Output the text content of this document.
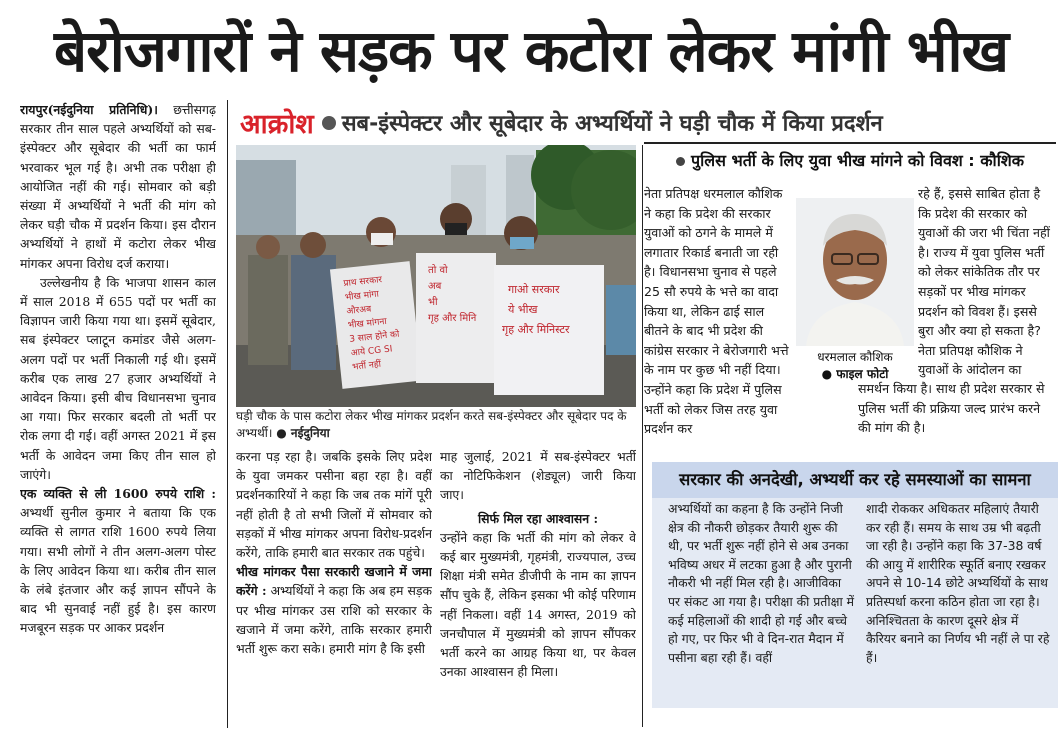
बेरोजगारों ने सड़क पर कटोरा लेकर मांगी भीख

रायपुर(नईदुनिया प्रतिनिधि)। छत्तीसगढ़ सरकार तीन साल पहले अभ्यर्थियों को सब-इंस्पेक्टर और सूबेदार की भर्ती का फार्म भरवाकर भूल गई है। अभी तक परीक्षा ही आयोजित नहीं की गई। सोमवार को बड़ी संख्या में अभ्यर्थियों ने भर्ती की मांग को लेकर घड़ी चौक में प्रदर्शन किया। इस दौरान अभ्यर्थियों ने हाथों में कटोरा लेकर भीख मांगकर अपना विरोध दर्ज कराया।

उल्लेखनीय है कि भाजपा शासन काल में साल 2018 में 655 पदों पर भर्ती का विज्ञापन जारी किया गया था। इसमें सूबेदार, सब इंस्पेक्टर प्लाटून कमांडर जैसे अलग-अलग पदों पर भर्ती निकाली गई थी। इसमें करीब एक लाख 27 हजार अभ्यर्थियों ने आवेदन किया। इसी बीच विधानसभा चुनाव आ गया। फिर सरकार बदली तो भर्ती पर रोक लगा दी गई। वहीं अगस्त 2021 में इस भर्ती के आवेदन जमा किए तीन साल हो जाएंगे।

एक व्यक्ति से ली 1600 रुपये राशि : अभ्यर्थी सुनील कुमार ने बताया कि एक व्यक्ति से लागत राशि 1600 रुपये लिया गया। सभी लोगों ने तीन अलग-अलग पोस्ट के लिए आवेदन किया था। करीब तीन साल के लंबे इंतजार और कई ज्ञापन सौंपने के बाद भी सुनवाई नहीं हुई है। इस कारण मजबूरन सड़क पर आकर प्रदर्शन

आक्रोश सब-इंस्पेक्टर और सूबेदार के अभ्यर्थियों ने घड़ी चौक में किया प्रदर्शन
प्राथ सरकार भीख मांगा औरअब भीख मांगना 3 साल होने को आये CG SI भर्ती नहीं
तो वो अब भी गृह और मिनि
गाओ सरकार ये भीख गृह और मिनिस्टर
घड़ी चौक के पास कटोरा लेकर भीख मांगकर प्रदर्शन करते सब-इंस्पेक्टर और सूबेदार पद के अभ्यर्थी। ● नईदुनिया

करना पड़ रहा है। जबकि इसके लिए प्रदेश के युवा जमकर पसीना बहा रहा है। वहीं प्रदर्शनकारियों ने कहा कि जब तक मांगें पूरी नहीं होती है तो सभी जिलों में सोमवार को सड़कों में भीख मांगकर अपना विरोध-प्रदर्शन करेंगे, ताकि हमारी बात सरकार तक पहुंचे।

भीख मांगकर पैसा सरकारी खजाने में जमा करेंगे : अभ्यर्थियों ने कहा कि अब हम सड़क पर भीख मांगकर उस राशि को सरकार के खजाने में जमा करेंगे, ताकि सरकार हमारी भर्ती शुरू करा सके। हमारी मांग है कि इसी

माह जुलाई, 2021 में सब-इंस्पेक्टर भर्ती का नोटिफिकेशन (शेड्यूल) जारी किया जाए।

सिर्फ मिल रहा आश्वासन :

उन्होंने कहा कि भर्ती की मांग को लेकर वे कई बार मुख्यमंत्री, गृहमंत्री, राज्यपाल, उच्च शिक्षा मंत्री समेत डीजीपी के नाम का ज्ञापन सौंप चुके हैं, लेकिन इसका भी कोई परिणाम नहीं निकला। वहीं 14 अगस्त, 2019 को जनचौपाल में मुख्यमंत्री को ज्ञापन सौंपकर भर्ती करने का आग्रह किया था, पर केवल उनका आश्वासन ही मिला।

पुलिस भर्ती के लिए युवा भीख मांगने को विवश : कौशिक
नेता प्रतिपक्ष धरमलाल कौशिक ने कहा कि प्रदेश की सरकार युवाओं को ठगने के मामले में लगातार रिकार्ड बनाती जा रही है। विधानसभा चुनाव से पहले 25 सौ रुपये के भत्ते का वादा किया था, लेकिन ढाई साल बीतने के बाद भी प्रदेश की कांग्रेस सरकार ने बेरोजगारी भत्ते के नाम पर कुछ भी नहीं दिया। उन्होंने कहा कि प्रदेश में पुलिस भर्ती को लेकर जिस तरह युवा प्रदर्शन कर
धरमलाल कौशिक
● फाइल फोटो
रहे हैं, इससे साबित होता है कि प्रदेश की सरकार को युवाओं की जरा भी चिंता नहीं है। राज्य में युवा पुलिस भर्ती को लेकर सांकेतिक तौर पर सड़कों पर भीख मांगकर प्रदर्शन को विवश हैं। इससे बुरा और क्या हो सकता है? नेता प्रतिपक्ष कौशिक ने युवाओं के आंदोलन का
समर्थन किया है। साथ ही प्रदेश सरकार से पुलिस भर्ती की प्रक्रिया जल्द प्रारंभ करने की मांग की है।
सरकार की अनदेखी, अभ्यर्थी कर रहे समस्याओं का सामना
अभ्यर्थियों का कहना है कि उन्होंने निजी क्षेत्र की नौकरी छोड़कर तैयारी शुरू की थी, पर भर्ती शुरू नहीं होने से अब उनका भविष्य अधर में लटका हुआ है और पुरानी नौकरी भी नहीं मिल रही है। आजीविका पर संकट आ गया है। परीक्षा की प्रतीक्षा में कई महिलाओं की शादी हो गई और बच्चे हो गए, पर फिर भी वे दिन-रात मैदान में पसीना बहा रही हैं। वहीं
शादी रोककर अधिकतर महिलाएं तैयारी कर रही हैं। समय के साथ उम्र भी बढ़ती जा रही है। उन्होंने कहा कि 37-38 वर्ष की आयु में शारीरिक स्फूर्ति बनाए रखकर अपने से 10-14 छोटे अभ्यर्थियों के साथ प्रतिस्पर्धा करना कठिन होता जा रहा है। अनिश्चितता के कारण दूसरे क्षेत्र में कैरियर बनाने का निर्णय भी नहीं ले पा रहे हैं।
